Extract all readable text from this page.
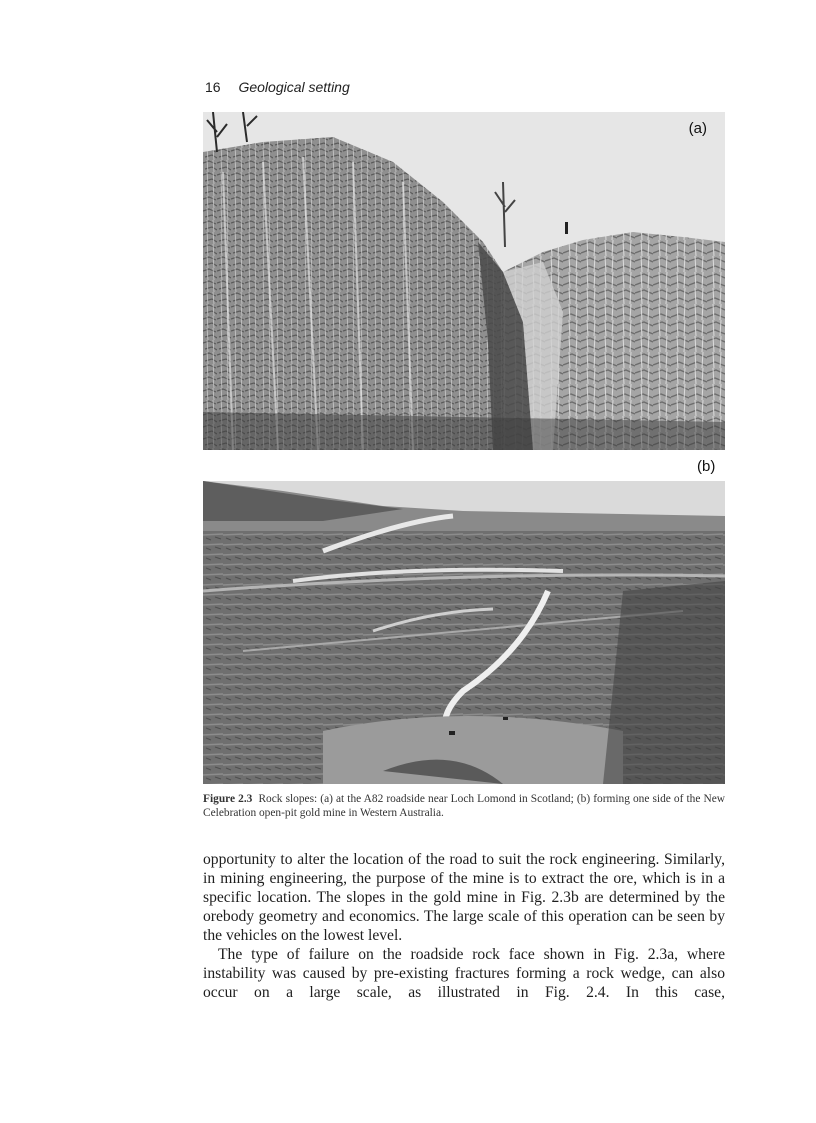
16 Geological setting
(a)
(b)
Figure 2.3 Rock slopes: (a) at the A82 roadside near Loch Lomond in Scotland; (b) forming one side of the New Celebration open-pit gold mine in Western Australia.

opportunity to alter the location of the road to suit the rock engineering. Similarly, in mining engineering, the purpose of the mine is to extract the ore, which is in a specific location. The slopes in the gold mine in Fig. 2.3b are determined by the orebody geometry and economics. The large scale of this operation can be seen by the vehicles on the lowest level.

The type of failure on the roadside rock face shown in Fig. 2.3a, where instability was caused by pre-existing fractures forming a rock wedge, can also occur on a large scale, as illustrated in Fig. 2.4. In this case,
